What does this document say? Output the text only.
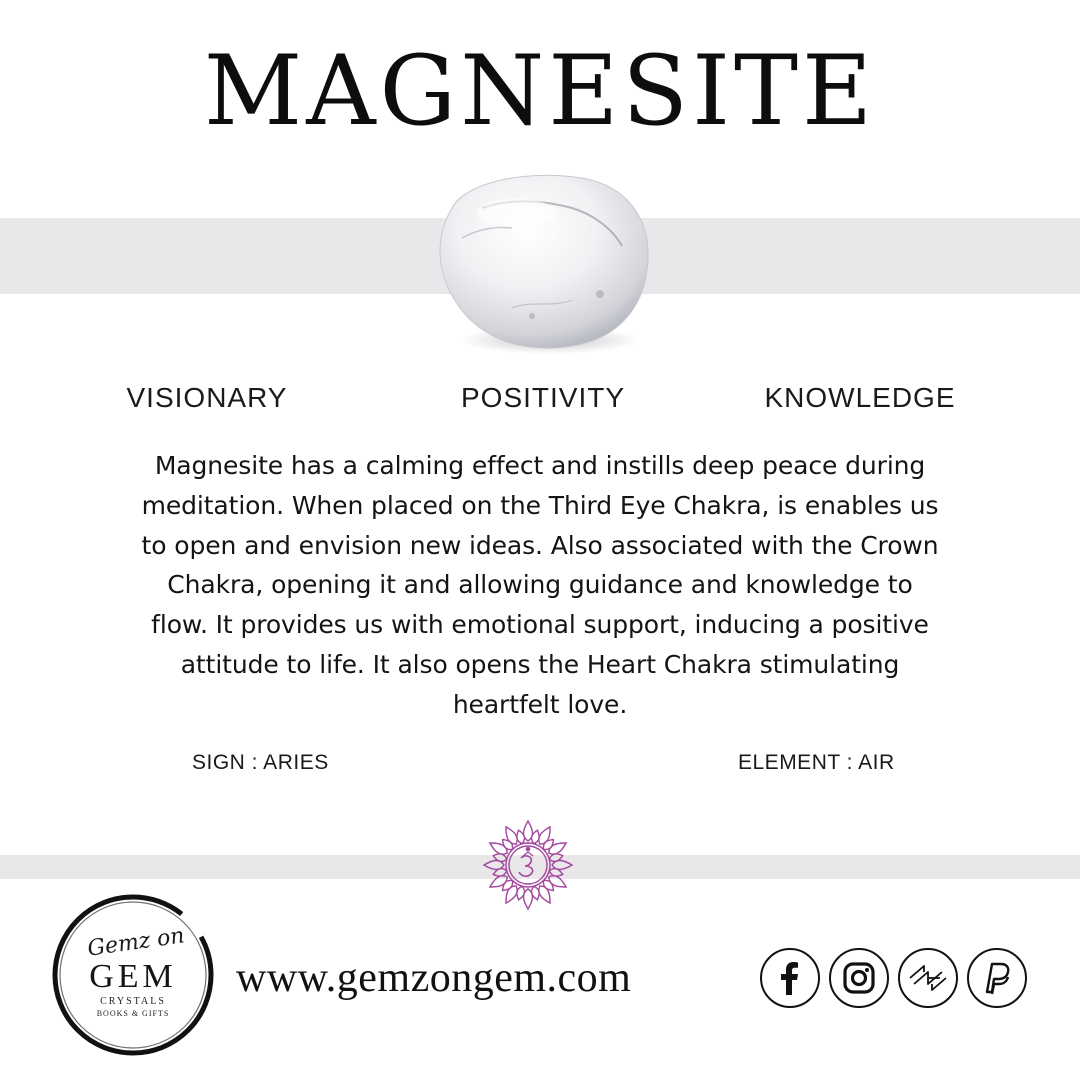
MAGNESITE
VISIONARY	POSITIVITY	KNOWLEDGE
Magnesite has a calming effect and instills deep peace during
meditation. When placed on the Third Eye Chakra, is enables us
to open and envision new ideas. Also associated with the Crown
Chakra, opening it and allowing guidance and knowledge to
flow. It provides us with emotional support, inducing a positive
attitude to life. It also opens the Heart Chakra stimulating
heartfelt love.
SIGN : ARIES	ELEMENT : AIR
Gemz on
GEM
CRYSTALS
BOOKS & GIFTS
www.gemzongem.com
